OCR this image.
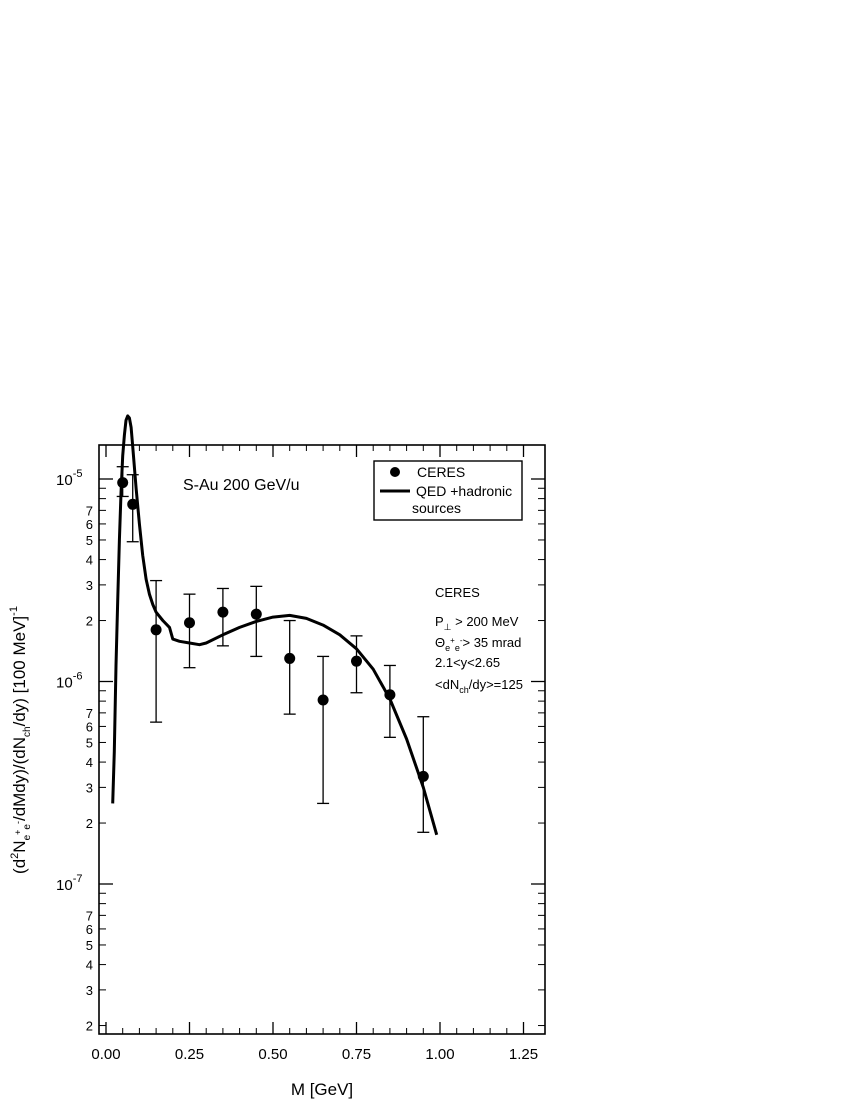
0.00	0.25	0.50	0.75	1.00	1.25
$10^{-5}$
$10^{-6}$
$10^{-7}$
2
3
4
5
6
7
2
3
4
5
6
7
2
3
4
5
6
7
S-Au 200 GeV/u
CERES
QED +hadronic
sources
CERES
$P_\perp > 200$ MeV
$\Theta_e^+_e^-> 35$ mrad
2.1<y<2.65
$<dN_{ch}/dy>=125$
M [GeV]
$(d^2N_e^+_e^-/dMdy)/(dN_{ch}/dy)$ [100 MeV]$^{-1}$
